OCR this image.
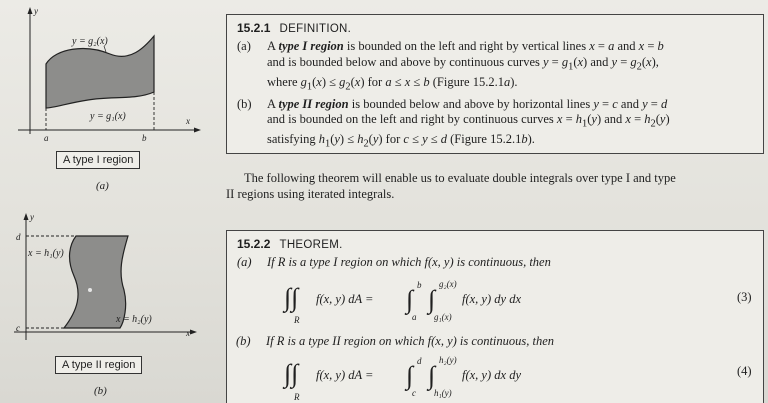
y
x
y = g₂(x)
y = g₁(x)
a	b
A type I region
(a)
y
x
d
c
x = h₁(y)
x = h₂(y)
A type II region
(b)
15.2.1 DEFINITION.
(a) A type I region is bounded on the left and right by vertical lines x = a and x = b
and is bounded below and above by continuous curves $y = g_1(x)$ and $y = g_2(x)$,
where $g_1(x) \le g_2(x)$ for a ≤ x ≤ b (Figure 15.2.1a).
(b) A type II region is bounded below and above by horizontal lines y = c and y = d
and is bounded on the left and right by continuous curves $x = h_1(y)$ and $x = h_2(y)$
satisfying $h_1(y) \le h_2(y)$ for c ≤ y ≤ d (Figure 15.2.1b).
The following theorem will enable us to evaluate double integrals over type I and type
II regions using iterated integrals.
15.2.2 THEOREM.
(a) If R is a type I region on which f(x, y) is continuous, then
∫∫
R
f(x, y) dA = ∫ b
a
∫
g₂(x)
g₁(x)
f(x, y) dy dx	(3)
(b) If R is a type II region on which f(x, y) is continuous, then
∫∫
R
f(x, y) dA = ∫ d
c
∫
h₂(y)
h₁(y)
f(x, y) dx dy	(4)
